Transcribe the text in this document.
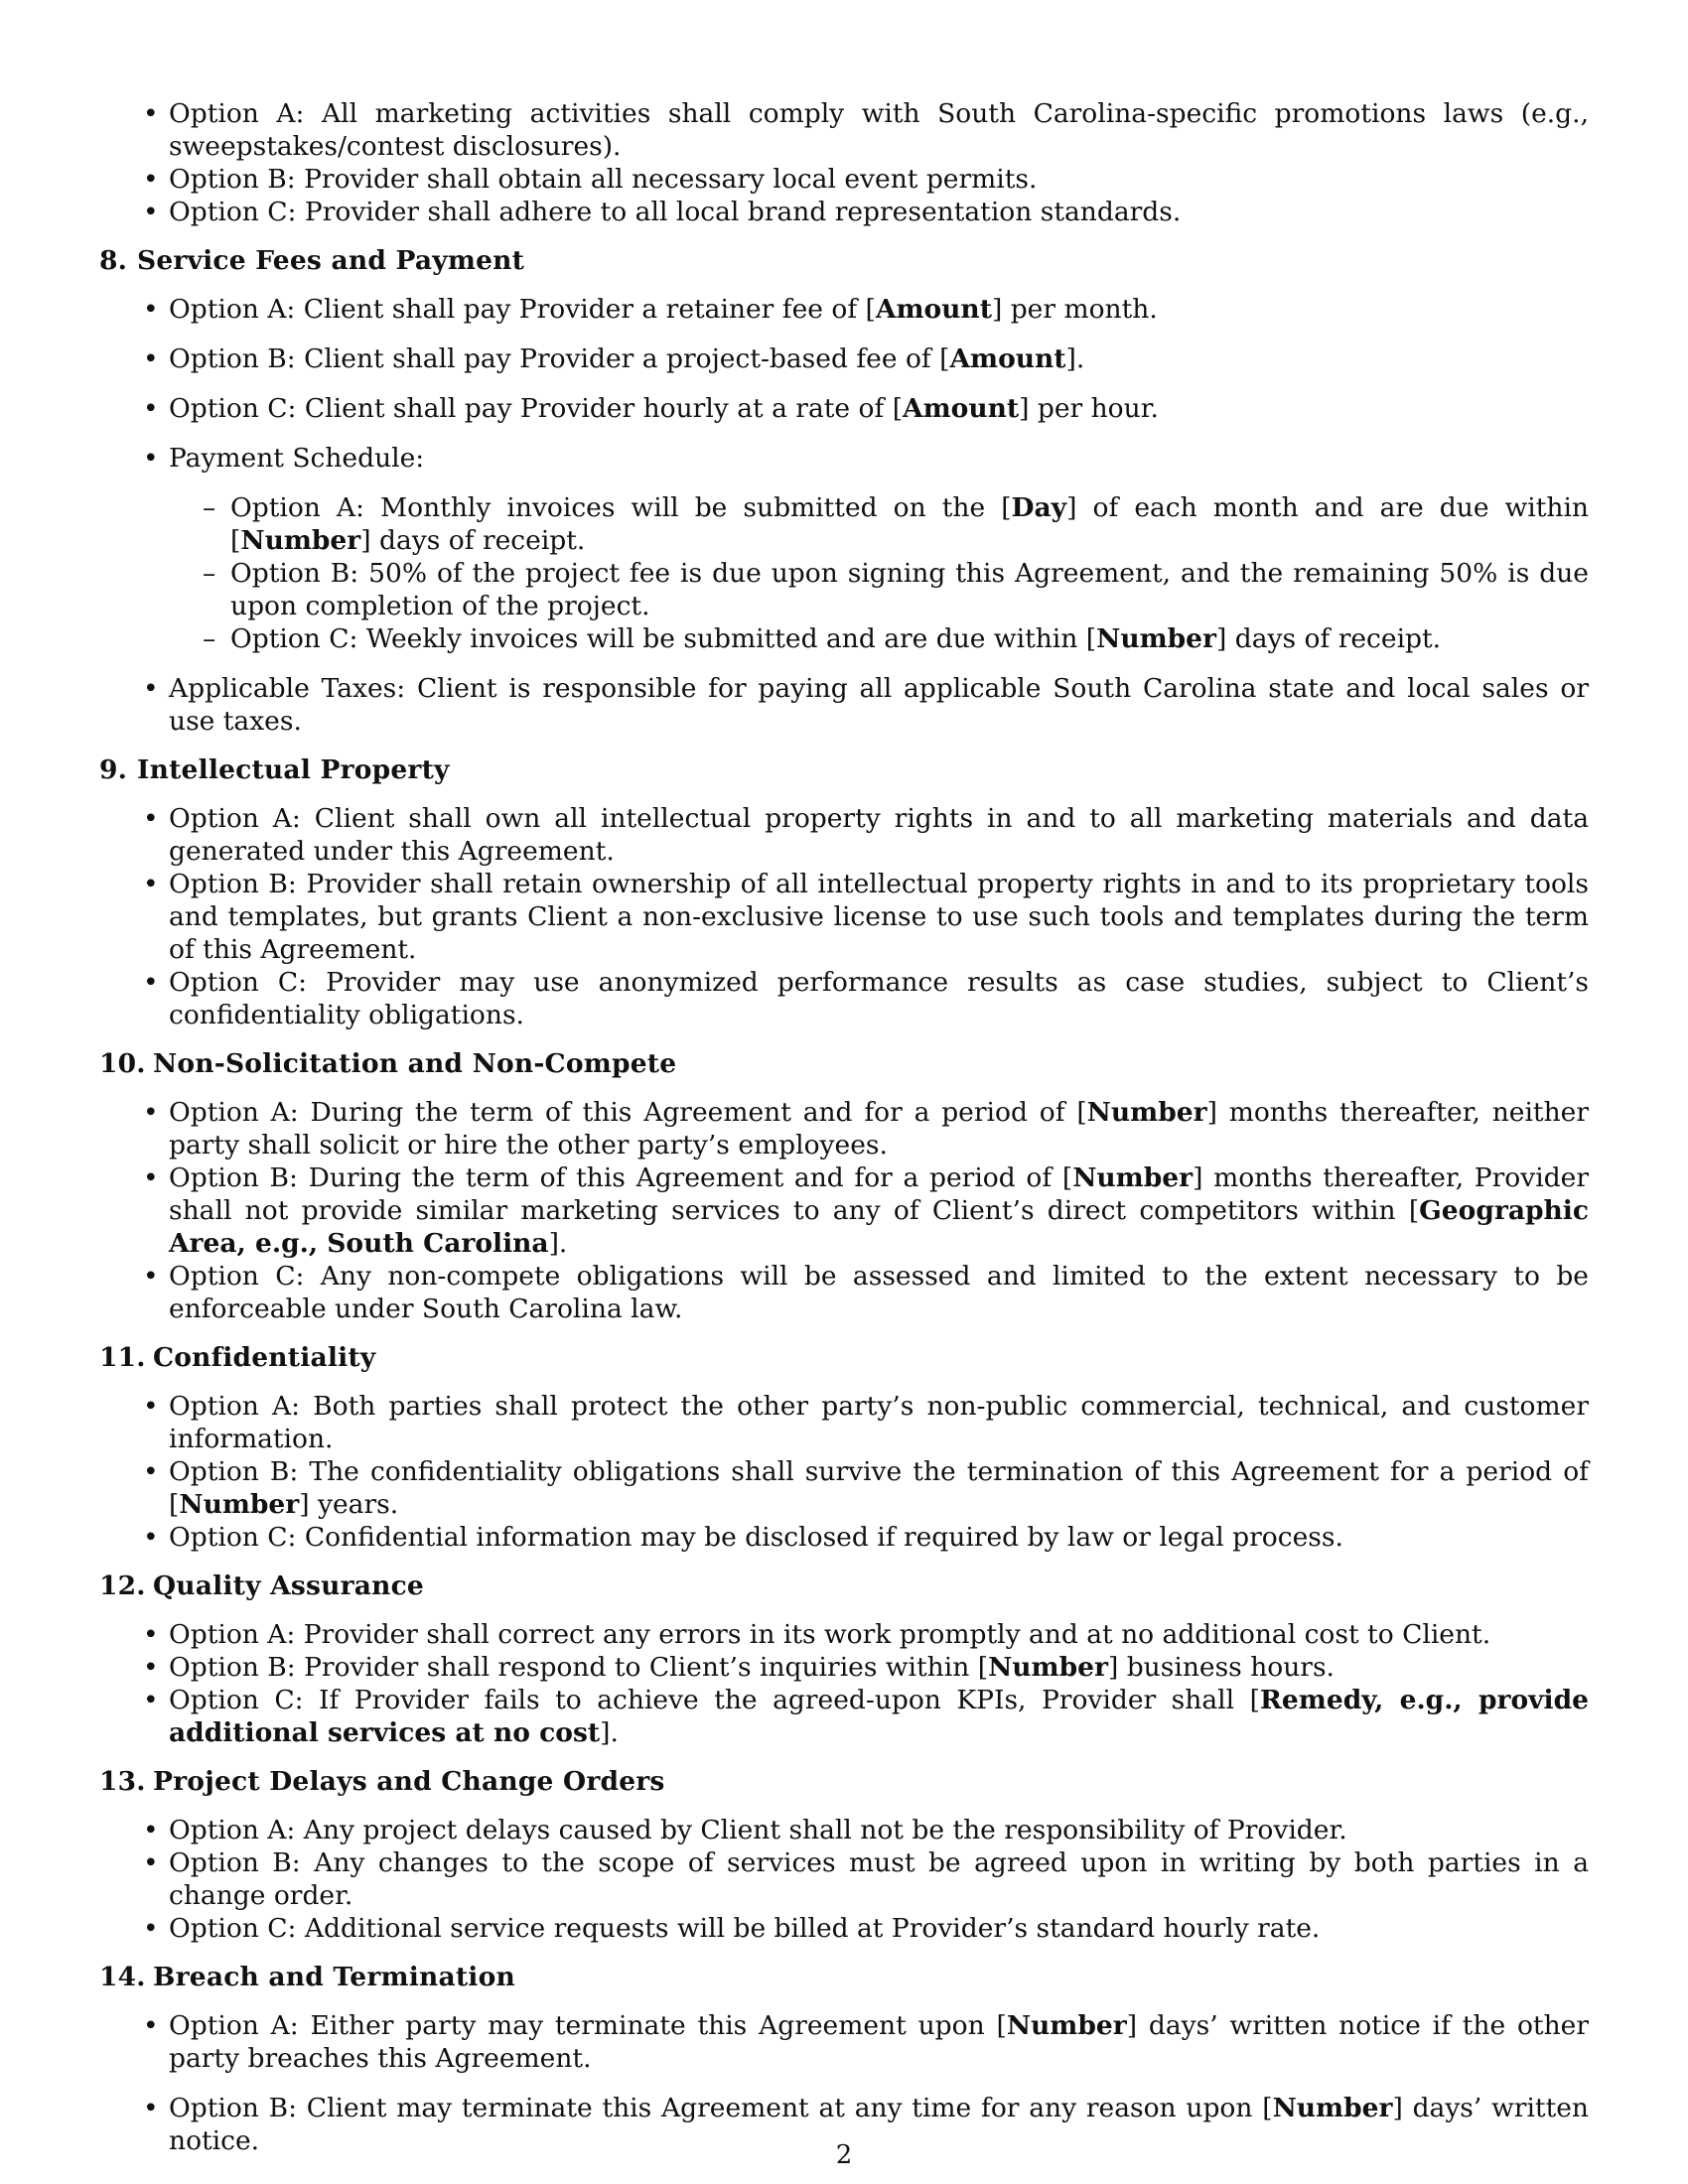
• Option A: All marketing activities shall comply with South Carolina-specific promotions laws (e.g., sweepstakes/contest disclosures).
• Option B: Provider shall obtain all necessary local event permits.
• Option C: Provider shall adhere to all local brand representation standards.
8. Service Fees and Payment
• Option A: Client shall pay Provider a retainer fee of [Amount] per month.
• Option B: Client shall pay Provider a project-based fee of [Amount].
• Option C: Client shall pay Provider hourly at a rate of [Amount] per hour.
• Payment Schedule:
– Option A: Monthly invoices will be submitted on the [Day] of each month and are due within [Number] days of receipt.
– Option B: 50% of the project fee is due upon signing this Agreement, and the remaining 50% is due upon completion of the project.
– Option C: Weekly invoices will be submitted and are due within [Number] days of receipt.
• Applicable Taxes: Client is responsible for paying all applicable South Carolina state and local sales or use taxes.
9. Intellectual Property
• Option A: Client shall own all intellectual property rights in and to all marketing materials and data generated under this Agreement.
• Option B: Provider shall retain ownership of all intellectual property rights in and to its proprietary tools and templates, but grants Client a non-exclusive license to use such tools and templates during the term of this Agreement.
• Option C: Provider may use anonymized performance results as case studies, subject to Client’s confidentiality obligations.
10. Non-Solicitation and Non-Compete
• Option A: During the term of this Agreement and for a period of [Number] months thereafter, neither party shall solicit or hire the other party’s employees.
• Option B: During the term of this Agreement and for a period of [Number] months thereafter, Provider shall not provide similar marketing services to any of Client’s direct competitors within [Geographic Area, e.g., South Carolina].
• Option C: Any non-compete obligations will be assessed and limited to the extent necessary to be enforceable under South Carolina law.
11. Confidentiality
• Option A: Both parties shall protect the other party’s non-public commercial, technical, and customer information.
• Option B: The confidentiality obligations shall survive the termination of this Agreement for a period of [Number] years.
• Option C: Confidential information may be disclosed if required by law or legal process.
12. Quality Assurance
• Option A: Provider shall correct any errors in its work promptly and at no additional cost to Client.
• Option B: Provider shall respond to Client’s inquiries within [Number] business hours.
• Option C: If Provider fails to achieve the agreed-upon KPIs, Provider shall [Remedy, e.g., provide additional services at no cost].
13. Project Delays and Change Orders
• Option A: Any project delays caused by Client shall not be the responsibility of Provider.
• Option B: Any changes to the scope of services must be agreed upon in writing by both parties in a change order.
• Option C: Additional service requests will be billed at Provider’s standard hourly rate.
14. Breach and Termination
• Option A: Either party may terminate this Agreement upon [Number] days’ written notice if the other party breaches this Agreement.
• Option B: Client may terminate this Agreement at any time for any reason upon [Number] days’ written notice.	2
